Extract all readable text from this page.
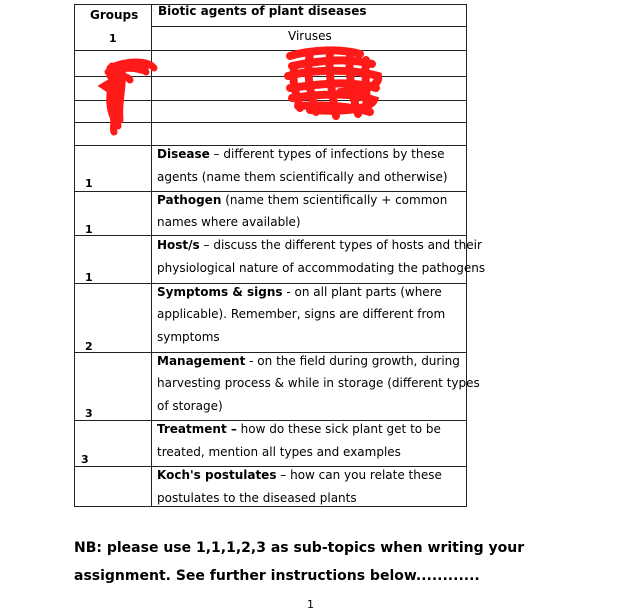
Groups Biotic agents of plant diseases
1	Viruses
1
Disease – different types of infections by these
agents (name them scientifically and otherwise)
1
Pathogen (name them scientifically + common
names where available)
1
Host/s – discuss the different types of hosts and their
physiological nature of accommodating the pathogens
2
Symptoms & signs - on all plant parts (where
applicable). Remember, signs are different from
symptoms
3
Management - on the field during growth, during
harvesting process & while in storage (different types
of storage)
3
Treatment – how do these sick plant get to be
treated, mention all types and examples
Koch's postulates – how can you relate these
postulates to the diseased plants
NB: please use 1,1,1,2,3 as sub-topics when writing your
assignment. See further instructions below............
1
